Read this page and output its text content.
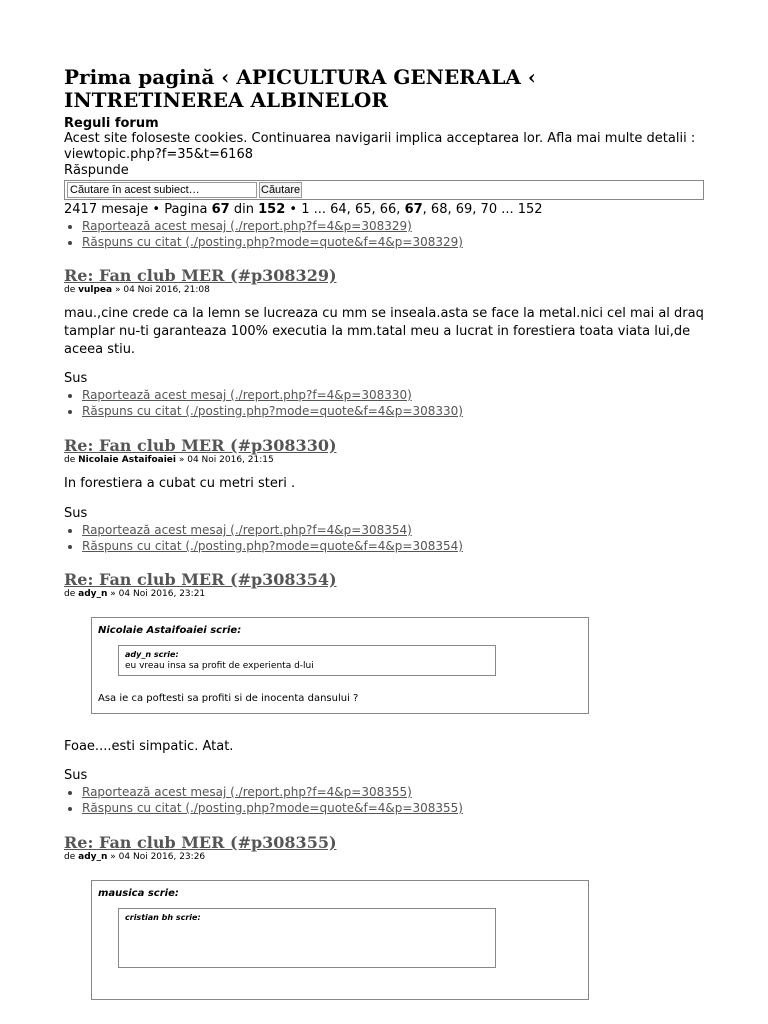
Prima pagină ‹ APICULTURA GENERALA ‹ INTRETINEREA ALBINELOR
Reguli forum
Acest site foloseste cookies. Continuarea navigarii implica acceptarea lor. Afla mai multe detalii : viewtopic.php?f=35&t=6168
Răspunde
Căutare în acest subiect…	Căutare
2417 mesaje • Pagina 67 din 152 • 1 ... 64, 65, 66, 67, 68, 69, 70 ... 152
• Raportează acest mesaj (./report.php?f=4&p=308329)
• Răspuns cu citat (./posting.php?mode=quote&f=4&p=308329)
Re: Fan club MER (#p308329)
de vulpea » 04 Noi 2016, 21:08
mau.,cine crede ca la lemn se lucreaza cu mm se inseala.asta se face la metal.nici cel mai al draq tamplar nu-ti garanteaza 100% executia la mm.tatal meu a lucrat in forestiera toata viata lui,de aceea stiu.
Sus
• Raportează acest mesaj (./report.php?f=4&p=308330)
• Răspuns cu citat (./posting.php?mode=quote&f=4&p=308330)
Re: Fan club MER (#p308330)
de Nicolaie Astaifoaiei » 04 Noi 2016, 21:15
In forestiera a cubat cu metri steri .
Sus
• Raportează acest mesaj (./report.php?f=4&p=308354)
• Răspuns cu citat (./posting.php?mode=quote&f=4&p=308354)
Re: Fan club MER (#p308354)
de ady_n » 04 Noi 2016, 23:21
Nicolaie Astaifoaiei scrie:
ady_n scrie:
eu vreau insa sa profit de experienta d-lui
Asa ie ca poftesti sa profiti si de inocenta dansului ?
Foae....esti simpatic. Atat.
Sus
• Raportează acest mesaj (./report.php?f=4&p=308355)
• Răspuns cu citat (./posting.php?mode=quote&f=4&p=308355)
Re: Fan club MER (#p308355)
de ady_n » 04 Noi 2016, 23:26
mausica scrie:
cristian bh scrie:
